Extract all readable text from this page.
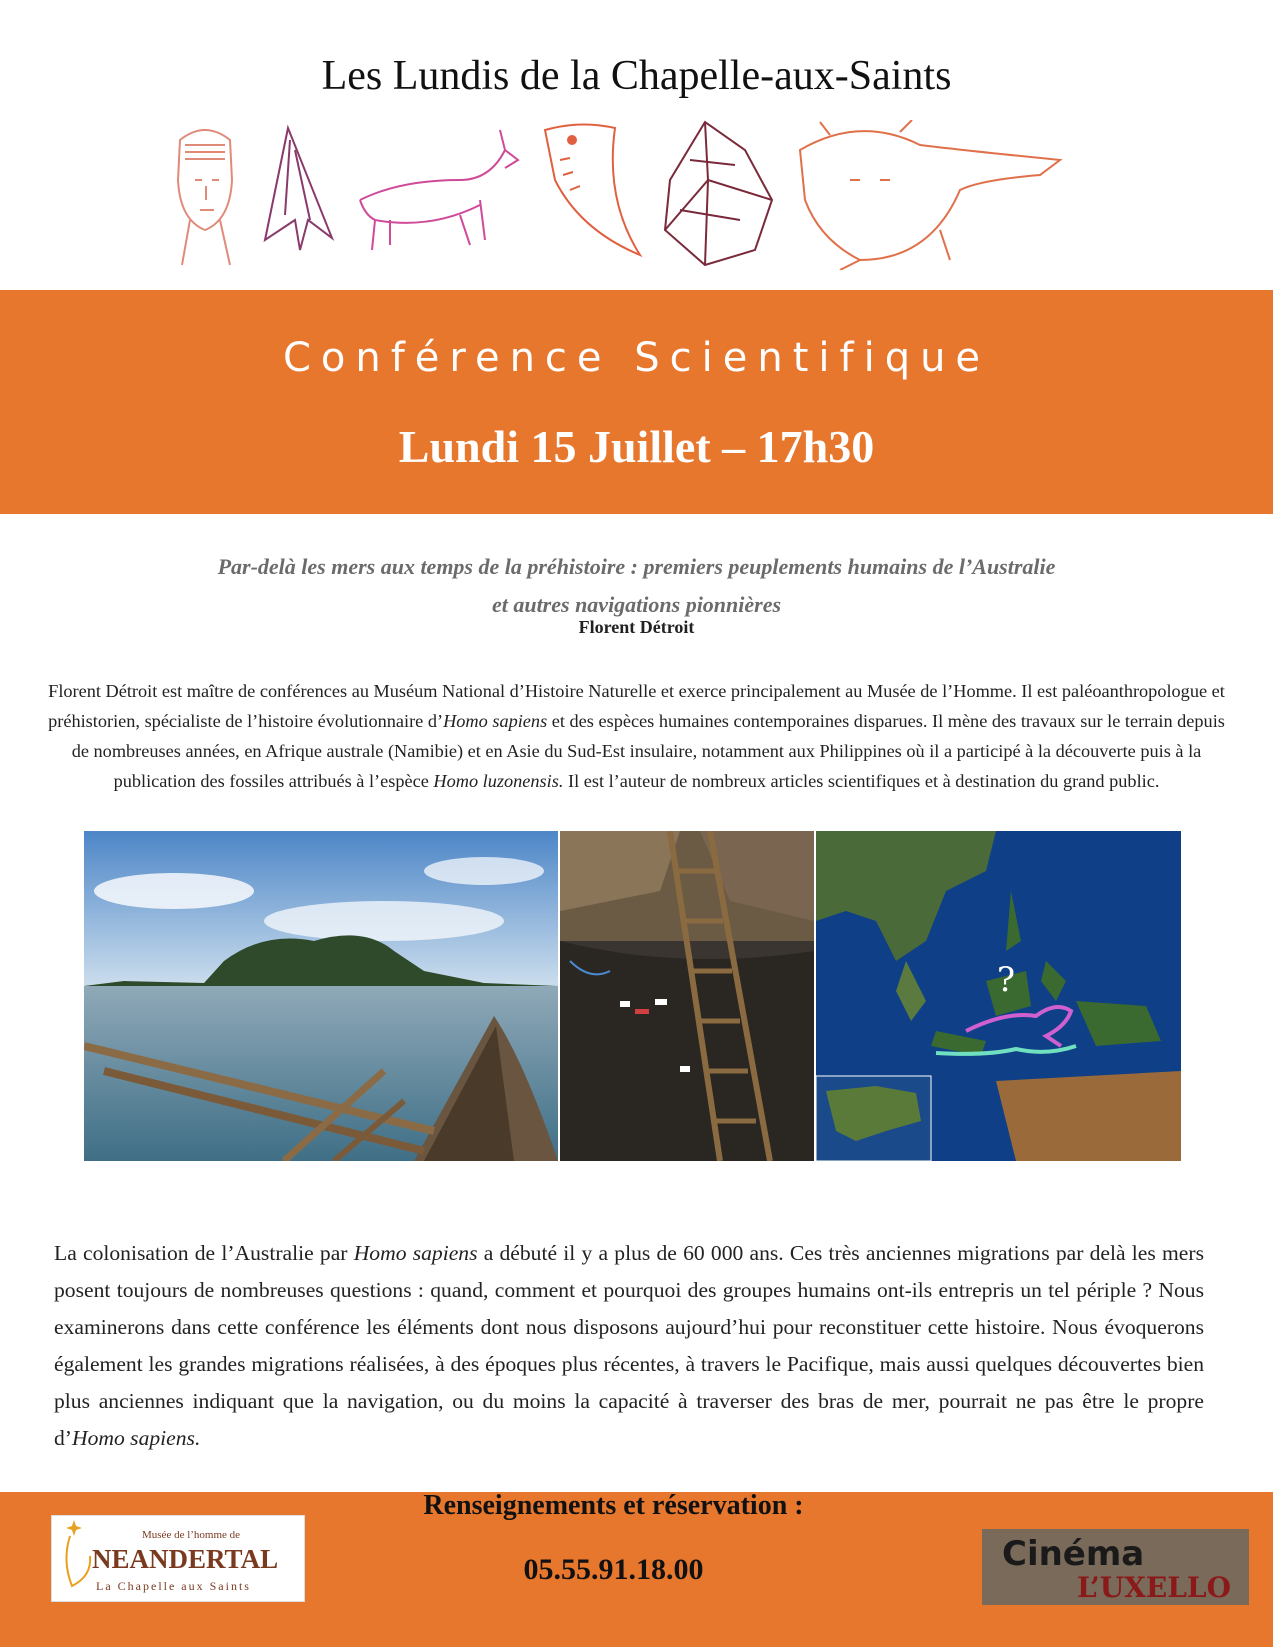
Les Lundis de la Chapelle-aux-Saints
Conférence Scientifique
Lundi 15 Juillet – 17h30
Par-delà les mers aux temps de la préhistoire : premiers peuplements humains de l’Australie
et autres navigations pionnières
Florent Détroit

Florent Détroit est maître de conférences au Muséum National d’Histoire Naturelle et exerce principalement au Musée de l’Homme. Il est paléoanthropologue et préhistorien, spécialiste de l’histoire évolutionnaire d’Homo sapiens et des espèces humaines contemporaines disparues. Il mène des travaux sur le terrain depuis de nombreuses années, en Afrique australe (Namibie) et en Asie du Sud-Est insulaire, notamment aux Philippines où il a participé à la découverte puis à la publication des fossiles attribués à l’espèce Homo luzonensis. Il est l’auteur de nombreux articles scientifiques et à destination du grand public.

?

La colonisation de l’Australie par Homo sapiens a débuté il y a plus de 60 000 ans. Ces très anciennes migrations par delà les mers posent toujours de nombreuses questions : quand, comment et pourquoi des groupes humains ont-ils entrepris un tel périple ? Nous examinerons dans cette conférence les éléments dont nous disposons aujourd’hui pour reconstituer cette histoire. Nous évoquerons également les grandes migrations réalisées, à des époques plus récentes, à travers le Pacifique, mais aussi quelques découvertes bien plus anciennes indiquant que la navigation, ou du moins la capacité à traverser des bras de mer, pourrait ne pas être le propre d’Homo sapiens.

Renseignements et réservation :
05.55.91.18.00
Musée de l’homme de
NEANDERTAL
La Chapelle aux Saints
Cinéma
L’UXELLO
